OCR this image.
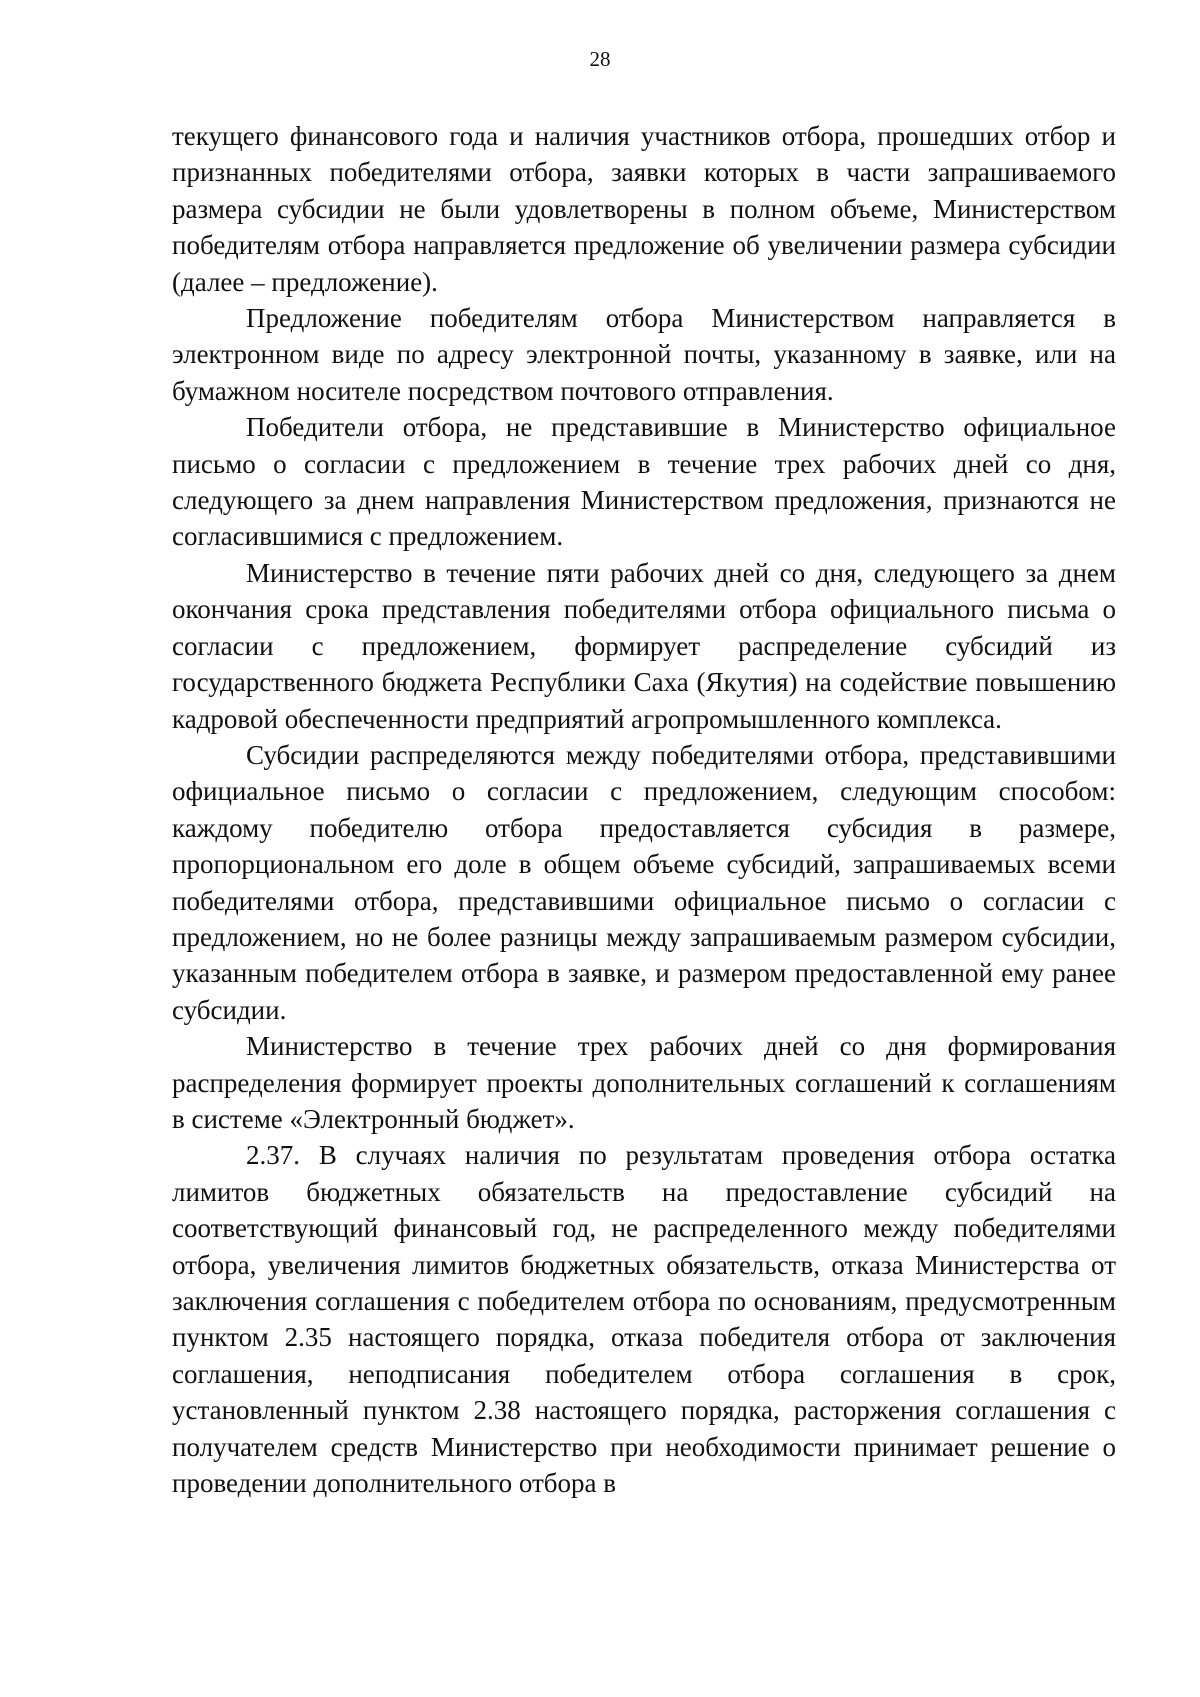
28

текущего финансового года и наличия участников отбора, прошедших отбор и признанных победителями отбора, заявки которых в части запрашиваемого размера субсидии не были удовлетворены в полном объеме, Министерством победителям отбора направляется предложение об увеличении размера субсидии (далее – предложение).

Предложение победителям отбора Министерством направляется в электронном виде по адресу электронной почты, указанному в заявке, или на бумажном носителе посредством почтового отправления.

Победители отбора, не представившие в Министерство официальное письмо о согласии с предложением в течение трех рабочих дней со дня, следующего за днем направления Министерством предложения, признаются не согласившимися с предложением.

Министерство в течение пяти рабочих дней со дня, следующего за днем окончания срока представления победителями отбора официального письма о согласии с предложением, формирует распределение субсидий из государственного бюджета Республики Саха (Якутия) на содействие повышению кадровой обеспеченности предприятий агропромышленного комплекса.

Субсидии распределяются между победителями отбора, представившими официальное письмо о согласии с предложением, следующим способом: каждому победителю отбора предоставляется субсидия в размере, пропорциональном его доле в общем объеме субсидий, запрашиваемых всеми победителями отбора, представившими официальное письмо о согласии с предложением, но не более разницы между запрашиваемым размером субсидии, указанным победителем отбора в заявке, и размером предоставленной ему ранее субсидии.

Министерство в течение трех рабочих дней со дня формирования распределения формирует проекты дополнительных соглашений к соглашениям в системе «Электронный бюджет».

2.37. В случаях наличия по результатам проведения отбора остатка лимитов бюджетных обязательств на предоставление субсидий на соответствующий финансовый год, не распределенного между победителями отбора, увеличения лимитов бюджетных обязательств, отказа Министерства от заключения соглашения с победителем отбора по основаниям, предусмотренным пунктом 2.35 настоящего порядка, отказа победителя отбора от заключения соглашения, неподписания победителем отбора соглашения в срок, установленный пунктом 2.38 настоящего порядка, расторжения соглашения с получателем средств Министерство при необходимости принимает решение о проведении дополнительного отбора в
